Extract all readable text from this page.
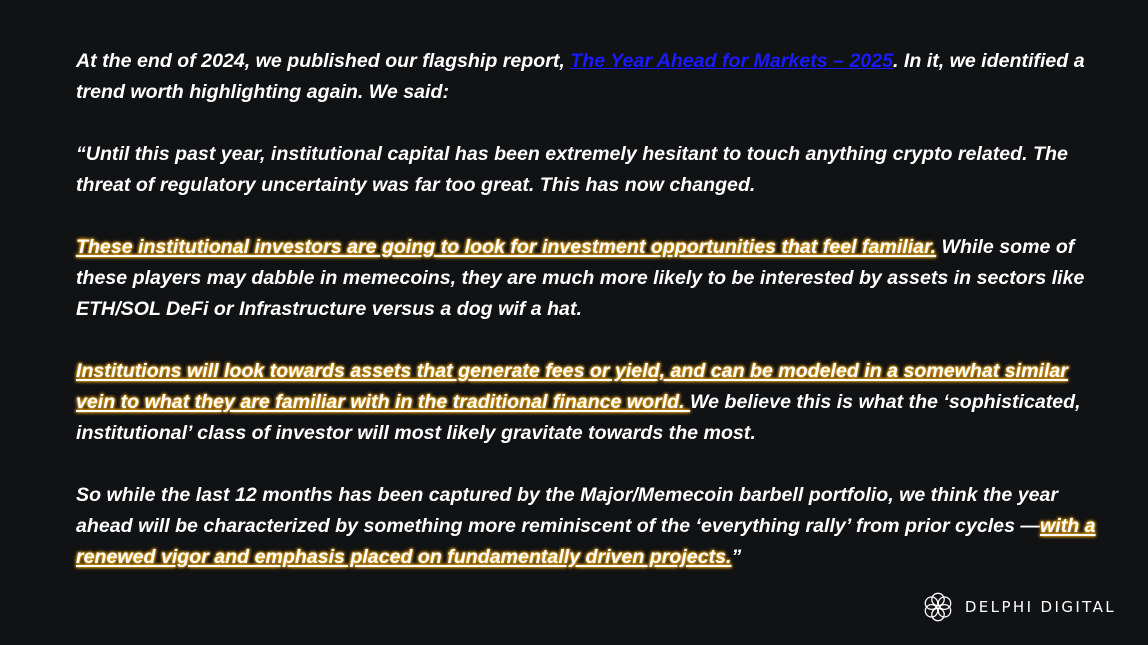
At the end of 2024, we published our flagship report, The Year Ahead for Markets – 2025. In it, we identified a trend worth highlighting again. We said:

“Until this past year, institutional capital has been extremely hesitant to touch anything crypto related. The threat of regulatory uncertainty was far too great. This has now changed.

These institutional investors are going to look for investment opportunities that feel familiar. While some of these players may dabble in memecoins, they are much more likely to be interested by assets in sectors like ETH/SOL DeFi or Infrastructure versus a dog wif a hat.

Institutions will look towards assets that generate fees or yield, and can be modeled in a somewhat similar vein to what they are familiar with in the traditional finance world. We believe this is what the ‘sophisticated, institutional’ class of investor will most likely gravitate towards the most.

So while the last 12 months has been captured by the Major/Memecoin barbell portfolio, we think the year ahead will be characterized by something more reminiscent of the ‘everything rally’ from prior cycles —with a renewed vigor and emphasis placed on fundamentally driven projects.”

DELPHI DIGITAL
